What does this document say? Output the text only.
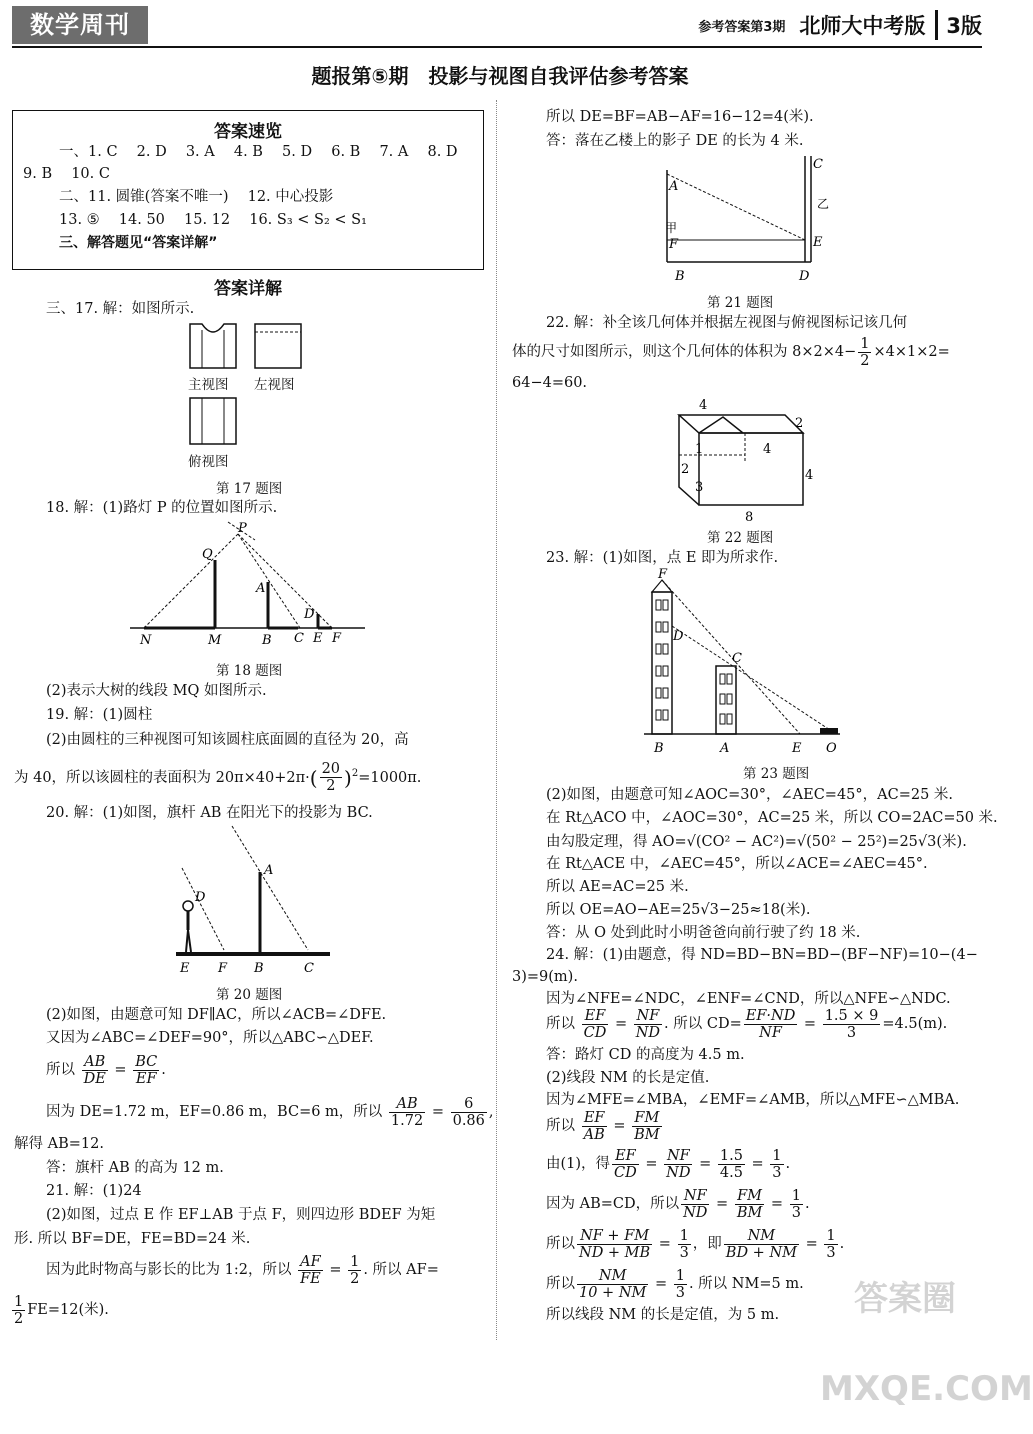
数学周刊	参考答案第3期 北师大中考版	3版
题报第⑤期　投影与视图自我评估参考答案
答案速览
一、1. C　 2. D　 3. A　 4. B　 5. D　 6. B　 7. A　 8. D
9. B　 10. C
二、11. 圆锥(答案不唯一)　 12. 中心投影
13. ⑤　 14. 50　 15. 12　 16. S₃ < S₂ < S₁
三、解答题见“答案详解”
答案详解
三、17. 解：如图所示.
主视图 左视图
俯视图
第 17 题图
18. 解：(1)路灯 P 的位置如图所示.
P
Q
A
D
N	M	B C E F
第 18 题图
(2)表示大树的线段 MQ 如图所示.
19. 解：(1)圆柱
(2)由圆柱的三种视图可知该圆柱底面圆的直径为 20，高
为 40，所以该圆柱的表面积为 $20\pi\times 40+2\pi\cdot( \frac{20}{2} )^2=1000\pi$.
20. 解：(1)如图，旗杆 AB 在阳光下的投影为 BC.
A
D
E F B	C
第 20 题图
(2)如图，由题意可知 DF∥AC，所以∠ACB=∠DFE.
又因为∠ABC=∠DEF=90°，所以△ABC∽△DEF.
所以 $\frac{AB}{DE} = \frac{BC}{EF}$ .
因为 DE=1.72 m，EF=0.86 m，BC=6 m，所以 $\frac{AB}{1.72} = \frac{6}{0.86}$ ,
解得 AB=12.
答：旗杆 AB 的高为 12 m.
21. 解：(1)24
(2)如图，过点 E 作 EF⊥AB 于点 F，则四边形 BDEF 为矩
形. 所以 BF=DE，FE=BD=24 米.
因为此时物高与影长的比为 1:2，所以 $\frac{AF}{FE} = \frac{1}{2}$ . 所以 AF=
$\frac{1}{2} FE=12$(米).
所以 DE=BF=AB−AF=16−12=4(米).
答：落在乙楼上的影子 DE 的长为 4 米.
A
C
甲
乙
F	E
B	D
第 21 题图
22. 解：补全该几何体并根据左视图与俯视图标记该几何
体的尺寸如图所示，则这个几何体的体积为 $8\times 2\times 4- \frac{1}{2} \times 4\times 1\times 2=$
64−4=60.
4
2
4
1
2
3
4
8
第 22 题图
23. 解：(1)如图，点 E 即为所求作.
F
D
C
B	A	E O
第 23 题图
(2)如图，由题意可知∠AOC=30°，∠AEC=45°，AC=25 米.
在 Rt△ACO 中，∠AOC=30°，AC=25 米，所以 CO=2AC=50 米.
由勾股定理，得 AO=√(CO² − AC²)=√(50² − 25²)=25√3(米).
在 Rt△ACE 中，∠AEC=45°，所以∠ACE=∠AEC=45°.
所以 AE=AC=25 米.
所以 OE=AO−AE=25√3−25≈18(米).
答：从 O 处到此时小明爸爸向前行驶了约 18 米.
24. 解：(1)由题意，得 ND=BD−BN=BD−(BF−NF)=10−(4−
3)=9(m).
因为∠NFE=∠NDC，∠ENF=∠CND，所以△NFE∽△NDC.
所以 $\frac{EF}{CD} = \frac{NF}{ND}$ . 所以 $CD= \frac{EF\cdot ND}{NF} = \frac{1.5 \times 9}{3} =4.5(m)$.
答：路灯 CD 的高度为 4.5 m.
(2)线段 NM 的长是定值.
因为∠MFE=∠MBA，∠EMF=∠AMB，所以△MFE∽△MBA.
所以 $\frac{EF}{AB} = \frac{FM}{BM}$
由(1)，得 $\frac{EF}{CD} = \frac{NF}{ND} = \frac{1.5}{4.5} = \frac{1}{3}$ .
因为 AB=CD，所以 $\frac{NF}{ND} = \frac{FM}{BM} = \frac{1}{3}$ .
所以 $\frac{NF + FM}{ND + MB} = \frac{1}{3}$ ，即 $\frac{NM}{BD + NM} = \frac{1}{3}$ .
所以 $\frac{NM}{10 + NM} = \frac{1}{3}$ . 所以 NM=5 m.
所以线段 NM 的长是定值，为 5 m.	答案圈 MXQE.COM
